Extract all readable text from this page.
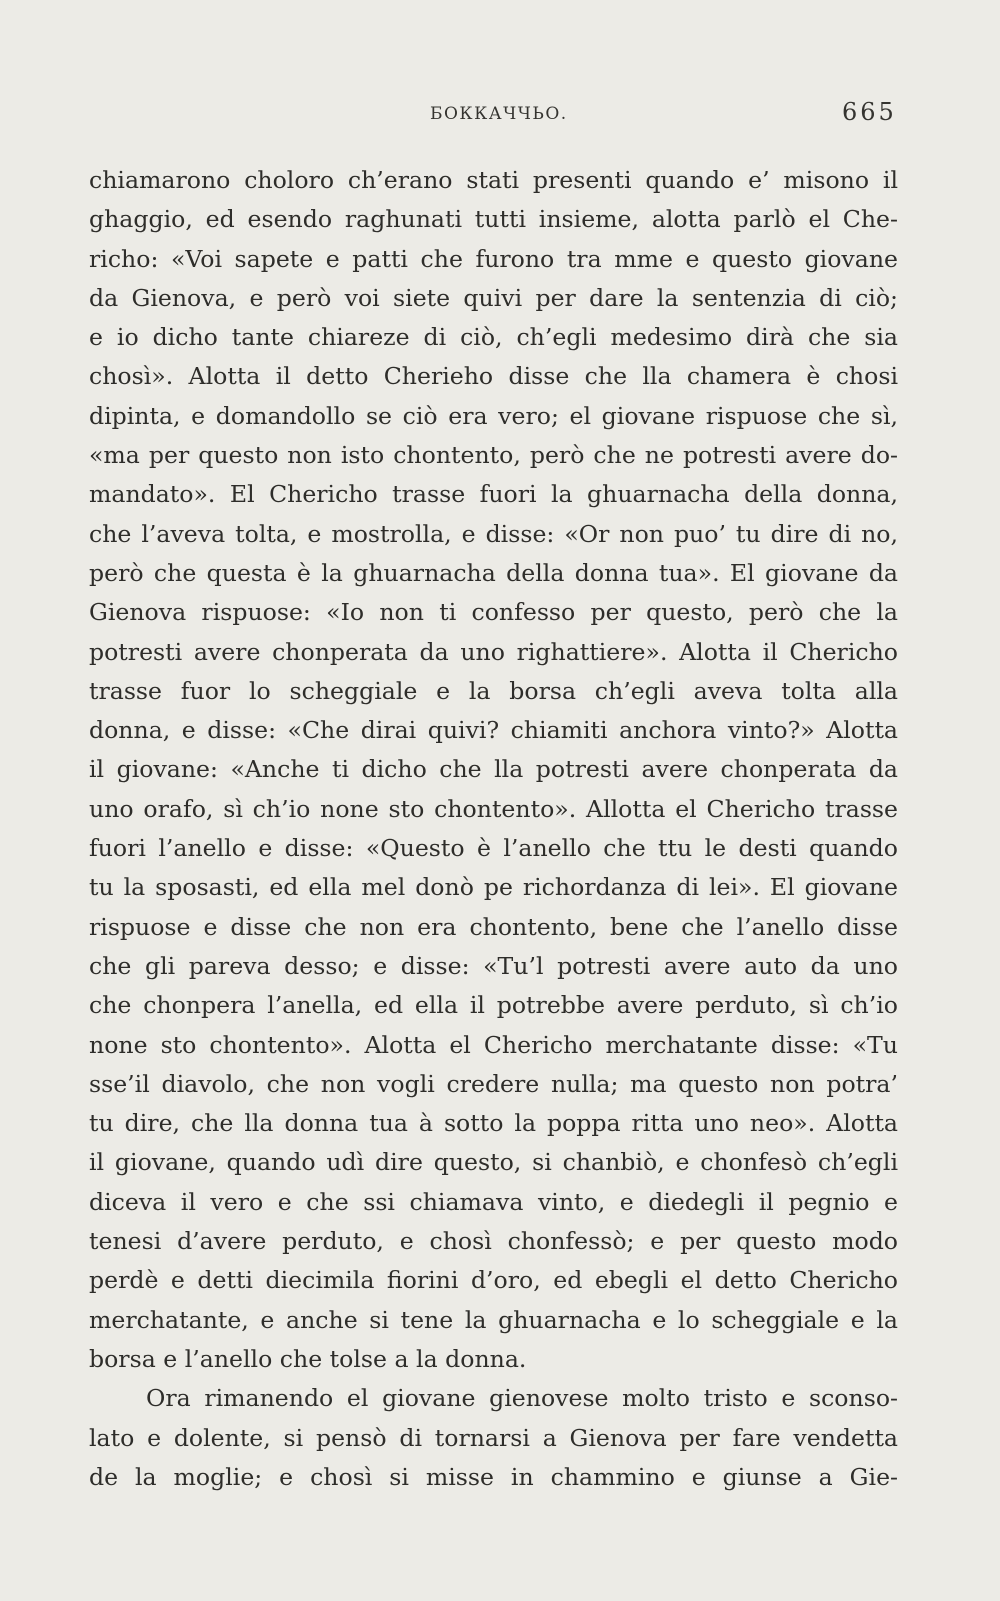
БОККАЧЧЬО.	665
chiamarono choloro ch’erano stati presenti quando e’ misono il
ghaggio, ed esendo raghunati tutti insieme, alotta parlò el Che-
richo: «Voi sapete e patti che furono tra mme e questo giovane
da Gienova, e però voi siete quivi per dare la sentenzia di ciò;
e io dicho tante chiareze di ciò, ch’egli medesimo dirà che sia
chosì». Alotta il detto Cherieho disse che lla chamera è chosi
dipinta, e domandollo se ciò era vero; el giovane rispuose che sì,
«ma per questo non isto chontento, però che ne potresti avere do-
mandato». El Chericho trasse fuori la ghuarnacha della donna,
che l’aveva tolta, e mostrolla, e disse: «Or non puo’ tu dire di no,
però che questa è la ghuarnacha della donna tua». El giovane da
Gienova rispuose: «Io non ti confesso per questo, però che la
potresti avere chonperata da uno righattiere». Alotta il Chericho
trasse fuor lo scheggiale e la borsa ch’egli aveva tolta alla
donna, e disse: «Che dirai quivi? chiamiti anchora vinto?» Alotta
il giovane: «Anche ti dicho che lla potresti avere chonperata da
uno orafo, sì ch’io none sto chontento». Allotta el Chericho trasse
fuori l’anello e disse: «Questo è l’anello che ttu le desti quando
tu la sposasti, ed ella mel donò pe richordanza di lei». El giovane
rispuose e disse che non era chontento, bene che l’anello disse
che gli pareva desso; e disse: «Tu’l potresti avere auto da uno
che chonpera l’anella, ed ella il potrebbe avere perduto, sì ch’io
none sto chontento». Alotta el Chericho merchatante disse: «Tu
sse’il diavolo, che non vogli credere nulla; ma questo non potra’
tu dire, che lla donna tua à sotto la poppa ritta uno neo». Alotta
il giovane, quando udì dire questo, si chanbiò, e chonfesò ch’egli
diceva il vero e che ssi chiamava vinto, e diedegli il pegnio e
tenesi d’avere perduto, e chosì chonfessò; e per questo modo
perdè e detti diecimila fiorini d’oro, ed ebegli el detto Chericho
merchatante, e anche si tene la ghuarnacha e lo scheggiale e la
borsa e l’anello che tolse a la donna.
Ora rimanendo el giovane gienovese molto tristo e sconso-
lato e dolente, si pensò di tornarsi a Gienova per fare vendetta
de la moglie; e chosì si misse in chammino e giunse a Gie-
